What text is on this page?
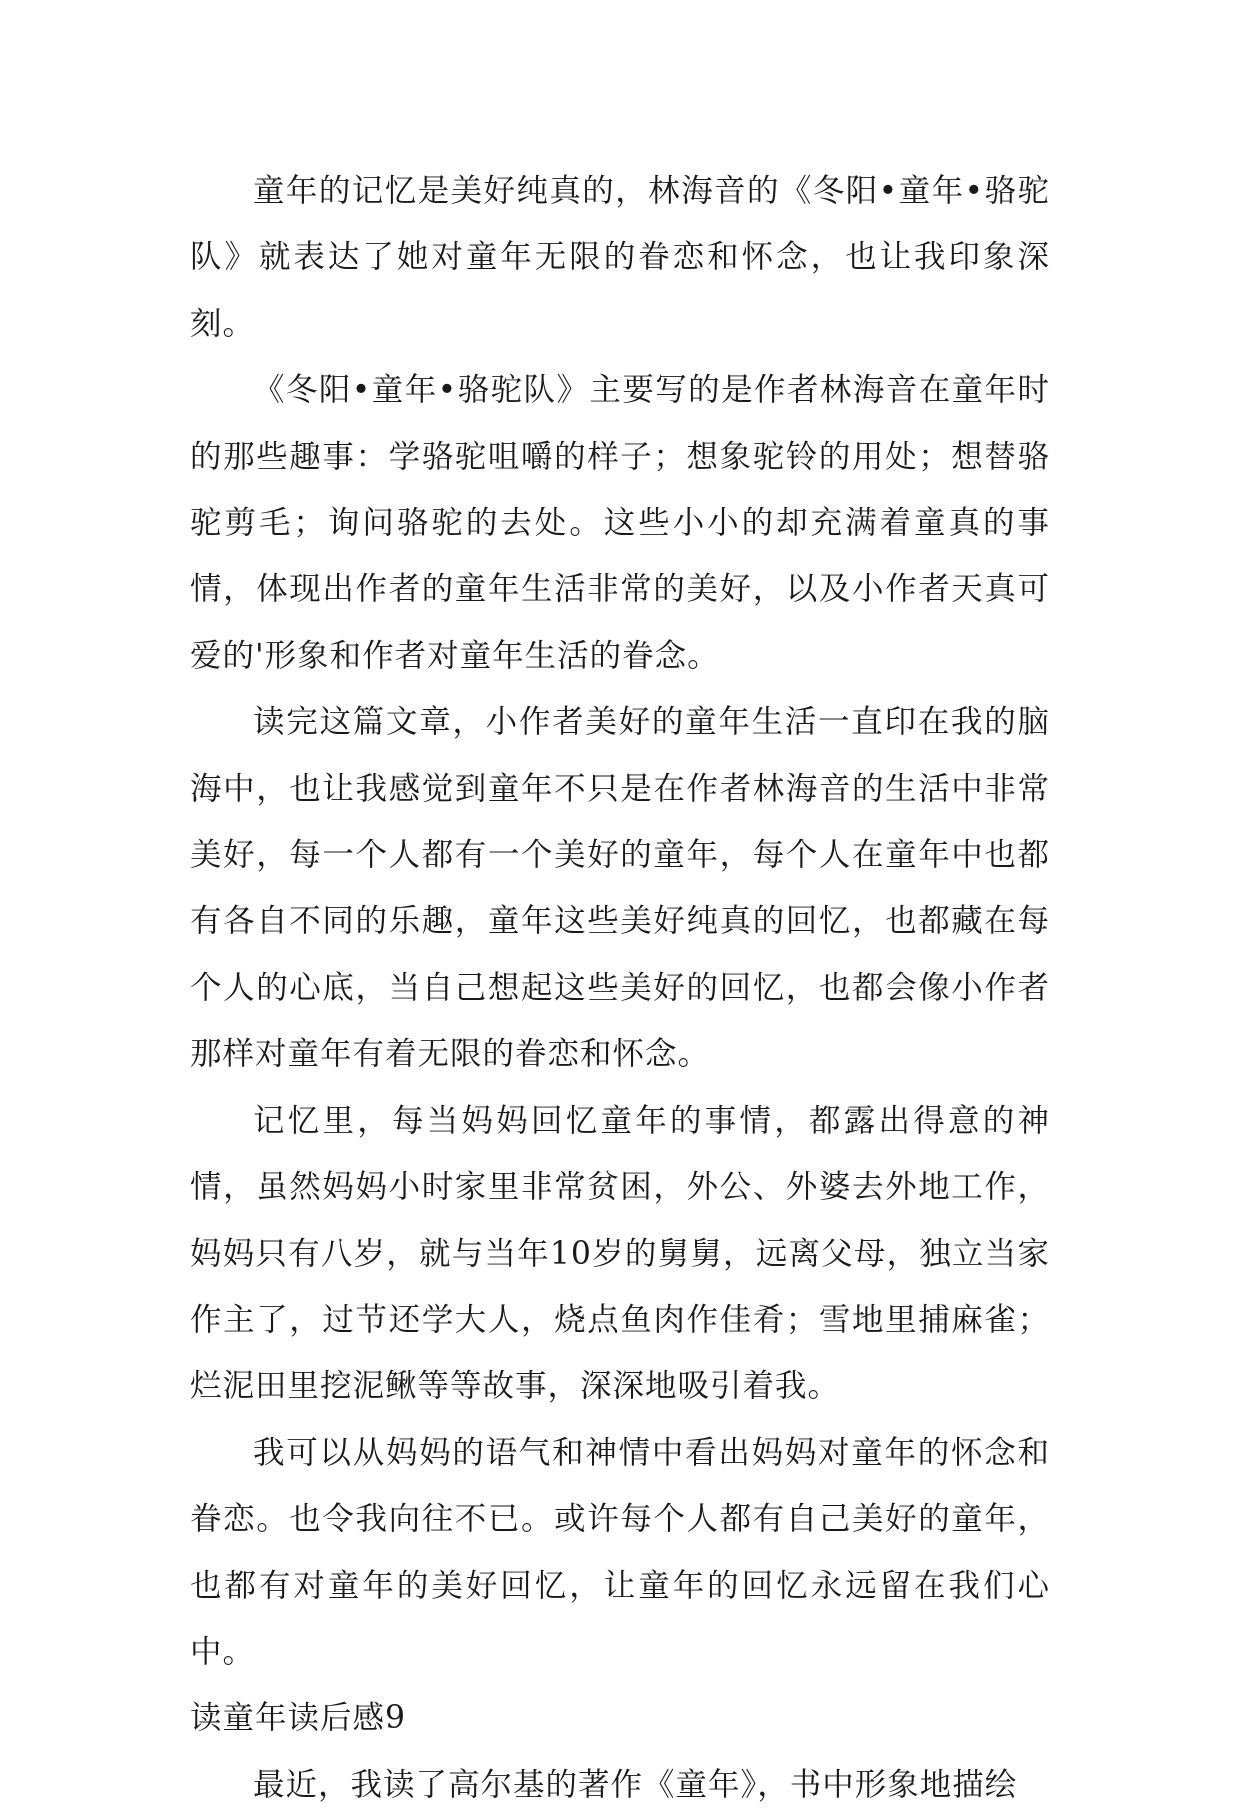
童年的记忆是美好纯真的，林海音的《冬阳•童年•骆驼队》就表达了她对童年无限的眷恋和怀念，也让我印象深刻。

《冬阳•童年•骆驼队》主要写的是作者林海音在童年时的那些趣事：学骆驼咀嚼的样子；想象驼铃的用处；想替骆驼剪毛；询问骆驼的去处。这些小小的却充满着童真的事情，体现出作者的童年生活非常的美好，以及小作者天真可爱的'形象和作者对童年生活的眷念。

读完这篇文章，小作者美好的童年生活一直印在我的脑海中，也让我感觉到童年不只是在作者林海音的生活中非常美好，每一个人都有一个美好的童年，每个人在童年中也都有各自不同的乐趣，童年这些美好纯真的回忆，也都藏在每个人的心底，当自己想起这些美好的回忆，也都会像小作者那样对童年有着无限的眷恋和怀念。

记忆里，每当妈妈回忆童年的事情，都露出得意的神情，虽然妈妈小时家里非常贫困，外公、外婆去外地工作，妈妈只有八岁，就与当年10岁的舅舅，远离父母，独立当家作主了，过节还学大人，烧点鱼肉作佳肴；雪地里捕麻雀；烂泥田里挖泥鳅等等故事，深深地吸引着我。

我可以从妈妈的语气和神情中看出妈妈对童年的怀念和眷恋。也令我向往不已。或许每个人都有自己美好的童年，也都有对童年的美好回忆，让童年的回忆永远留在我们心中。

读童年读后感9

最近，我读了高尔基的著作《童年》，书中形象地描绘
